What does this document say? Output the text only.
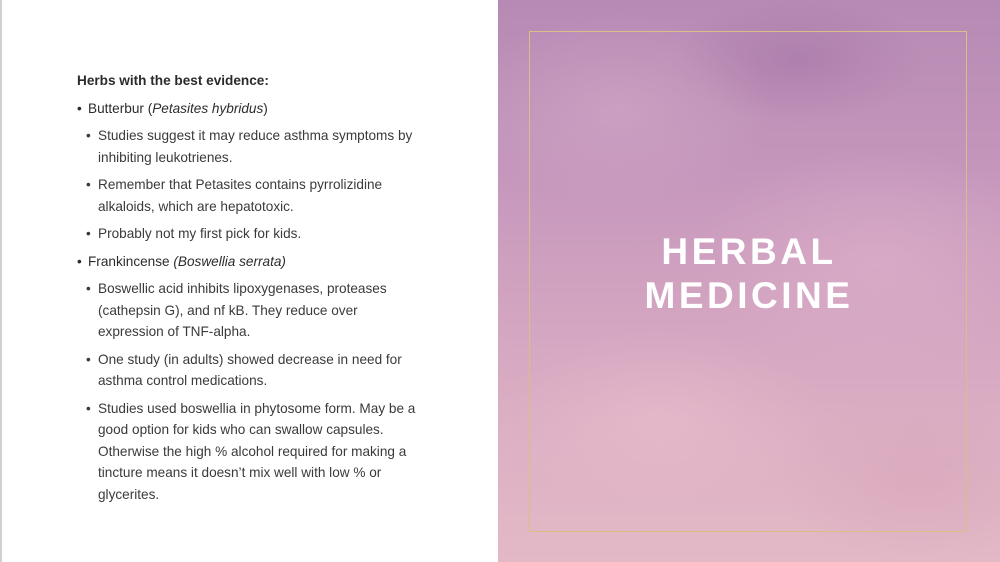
Herbs with the best evidence:
• Butterbur (Petasites hybridus)
• Studies suggest it may reduce asthma symptoms by inhibiting leukotrienes.
• Remember that Petasites contains pyrrolizidine alkaloids, which are hepatotoxic.
• Probably not my first pick for kids.
• Frankincense (Boswellia serrata)
• Boswellic acid inhibits lipoxygenases, proteases (cathepsin G), and nf kB. They reduce over expression of TNF-alpha.
• One study (in adults) showed decrease in need for asthma control medications.
• Studies used boswellia in phytosome form. May be a good option for kids who can swallow capsules. Otherwise the high % alcohol required for making a tincture means it doesn’t mix well with low % or glycerites.
HERBAL
MEDICINE
